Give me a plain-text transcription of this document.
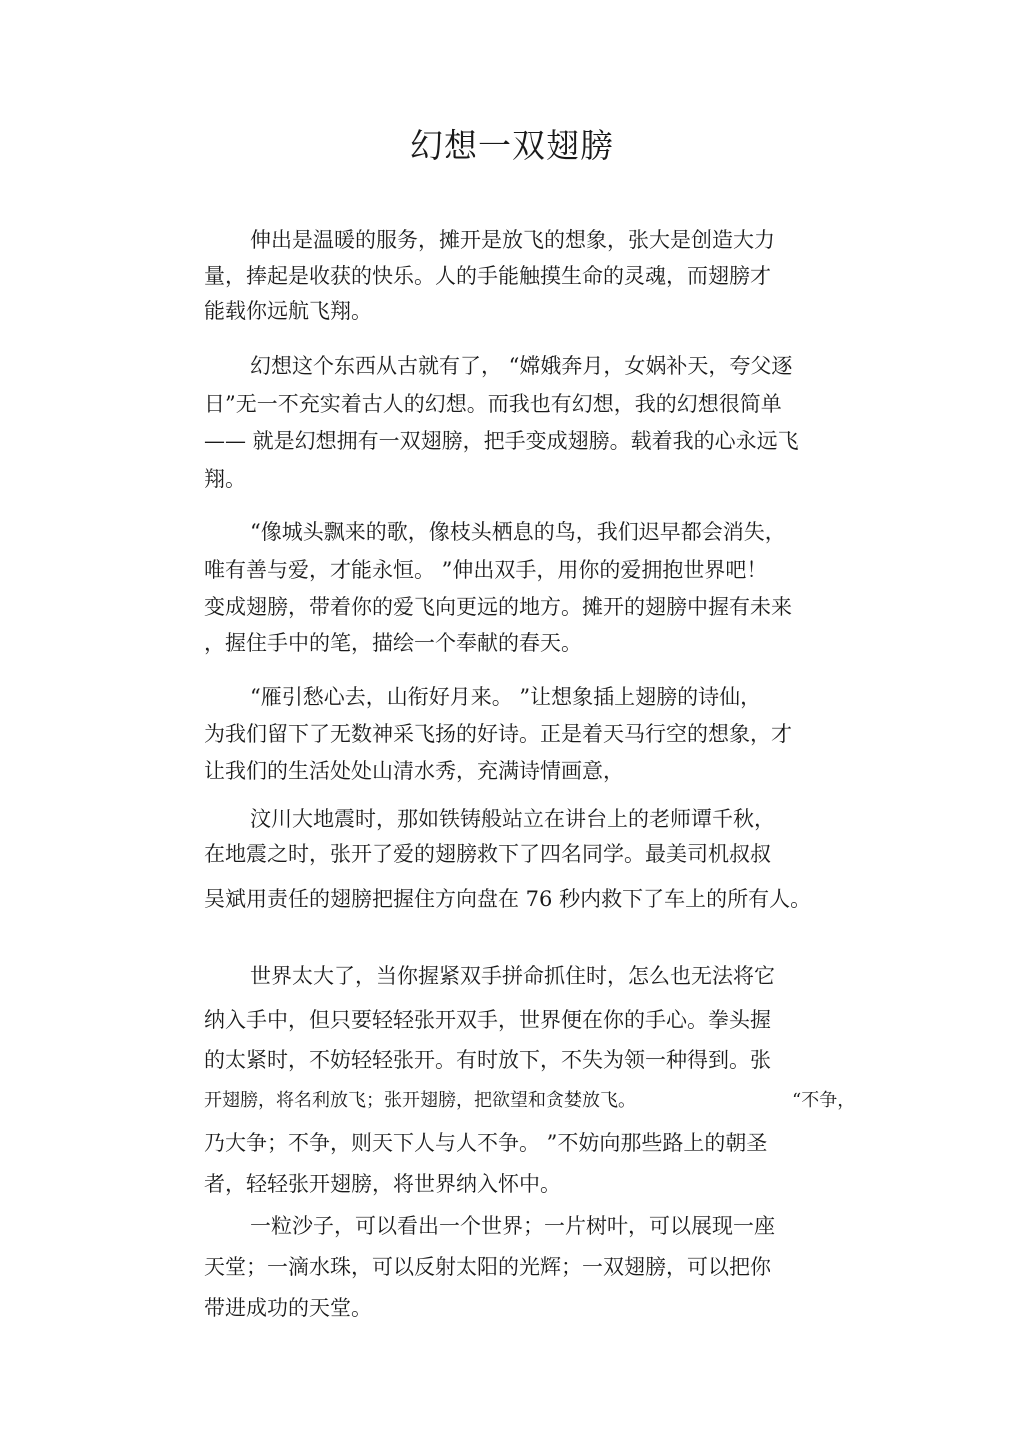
幻想一双翅膀

伸出是温暖的服务，摊开是放飞的想象，张大是创造大力

量，捧起是收获的快乐。人的手能触摸生命的灵魂，而翅膀才

能载你远航飞翔。

幻想这个东西从古就有了， “嫦娥奔月，女娲补天，夸父逐

日”无一不充实着古人的幻想。而我也有幻想，我的幻想很简单

—— 就是幻想拥有一双翅膀，把手变成翅膀。载着我的心永远飞

翔。

“像城头飘来的歌，像枝头栖息的鸟，我们迟早都会消失，

唯有善与爱，才能永恒。 ”伸出双手，用你的爱拥抱世界吧！

变成翅膀，带着你的爱飞向更远的地方。摊开的翅膀中握有未来

，握住手中的笔，描绘一个奉献的春天。

“雁引愁心去，山衔好月来。 ”让想象插上翅膀的诗仙，

为我们留下了无数神采飞扬的好诗。正是着天马行空的想象，才

让我们的生活处处山清水秀，充满诗情画意，

汶川大地震时，那如铁铸般站立在讲台上的老师谭千秋，

在地震之时，张开了爱的翅膀救下了四名同学。最美司机叔叔

吴斌用责任的翅膀把握住方向盘在 76 秒内救下了车上的所有人。

世界太大了，当你握紧双手拼命抓住时，怎么也无法将它

纳入手中，但只要轻轻张开双手，世界便在你的手心。拳头握

的太紧时，不妨轻轻张开。有时放下，不失为领一种得到。张

开翅膀，将名利放飞；张开翅膀，把欲望和贪婪放飞。	“不争，

乃大争；不争，则天下人与人不争。 ”不妨向那些路上的朝圣

者，轻轻张开翅膀，将世界纳入怀中。

一粒沙子，可以看出一个世界；一片树叶，可以展现一座

天堂；一滴水珠，可以反射太阳的光辉；一双翅膀，可以把你

带进成功的天堂。
